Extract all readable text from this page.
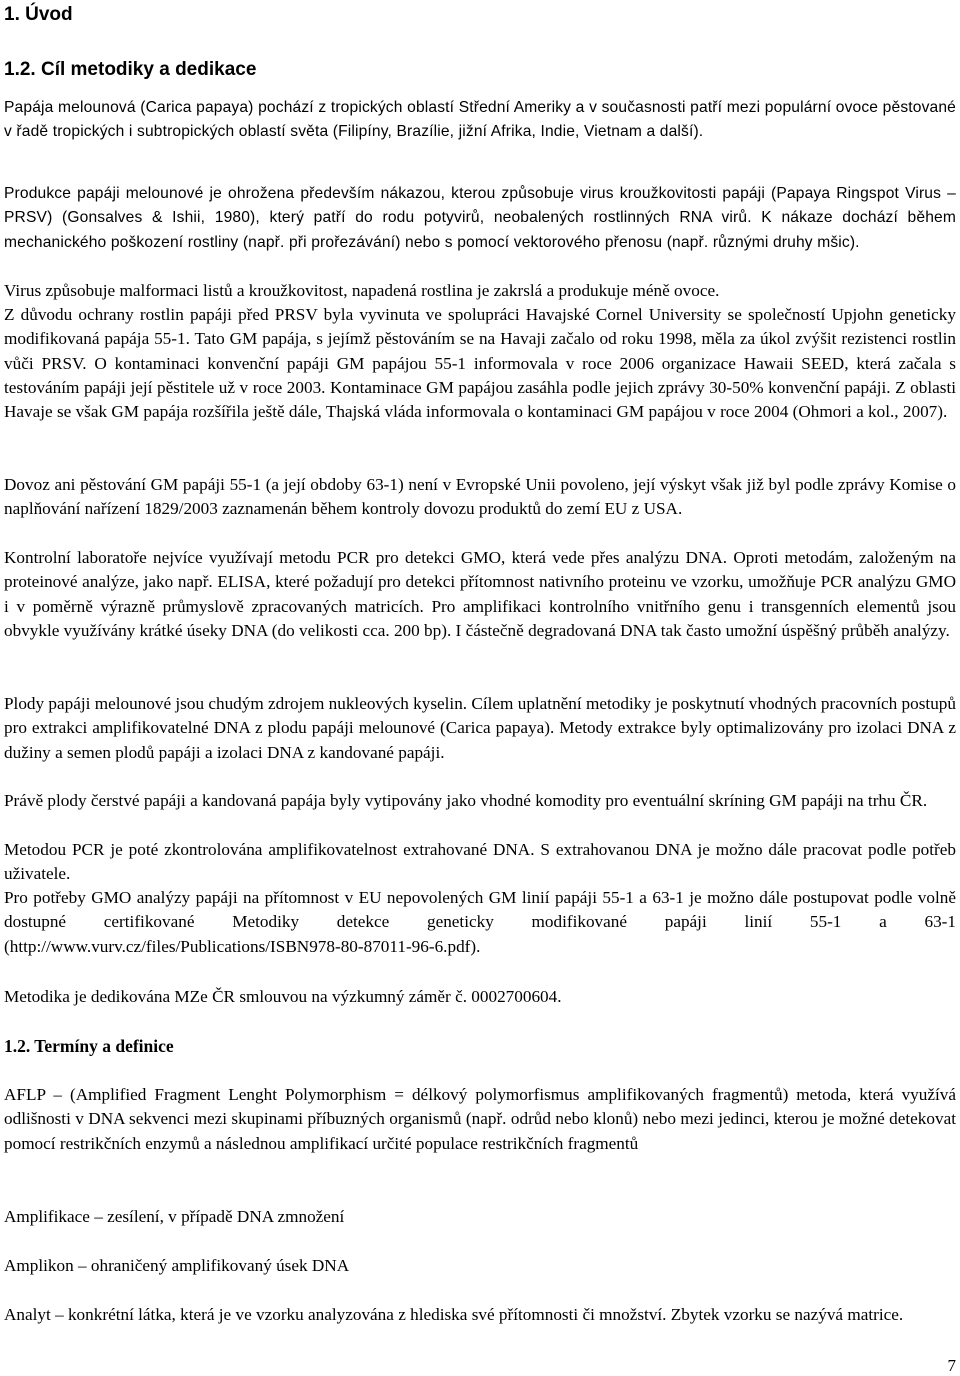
1. Úvod
1.2. Cíl metodiky a dedikace
Papája melounová (Carica papaya) pochází z tropických oblastí Střední Ameriky a v současnosti patří mezi populární ovoce pěstované v řadě tropických i subtropických oblastí světa (Filipíny, Brazílie, jižní Afrika, Indie, Vietnam a další).
Produkce papáji melounové je ohrožena především nákazou, kterou způsobuje virus kroužkovitosti papáji (Papaya Ringspot Virus – PRSV) (Gonsalves & Ishii, 1980), který patří do rodu potyvirů, neobalených rostlinných RNA virů. K nákaze dochází během mechanického poškození rostliny (např. při prořezávání) nebo s pomocí vektorového přenosu (např. různými druhy mšic).
Virus způsobuje malformaci listů a kroužkovitost, napadená rostlina je zakrslá a produkuje méně ovoce.
Z důvodu ochrany rostlin papáji před PRSV byla vyvinuta ve spolupráci Havajské Cornel University se společností Upjohn geneticky modifikovaná papája 55-1. Tato GM papája, s jejímž pěstováním se na Havaji začalo od roku 1998, měla za úkol zvýšit rezistenci rostlin vůči PRSV. O kontaminaci konvenční papáji GM papájou 55-1 informovala v roce 2006 organizace Hawaii SEED, která začala s testováním papáji její pěstitele už v roce 2003. Kontaminace GM papájou zasáhla podle jejich zprávy 30-50% konvenční papáji. Z oblasti Havaje se však GM papája rozšířila ještě dále, Thajská vláda informovala o kontaminaci GM papájou v roce 2004 (Ohmori a kol., 2007).
Dovoz ani pěstování GM papáji 55-1 (a její obdoby 63-1) není v Evropské Unii povoleno, její výskyt však již byl podle zprávy Komise o naplňování nařízení 1829/2003 zaznamenán během kontroly dovozu produktů do zemí EU z USA.
Kontrolní laboratoře nejvíce využívají metodu PCR pro detekci GMO, která vede přes analýzu DNA. Oproti metodám, založeným na proteinové analýze, jako např. ELISA, které požadují pro detekci přítomnost nativního proteinu ve vzorku, umožňuje PCR analýzu GMO i v poměrně výrazně průmyslově zpracovaných matricích. Pro amplifikaci kontrolního vnitřního genu i transgenních elementů jsou obvykle využívány krátké úseky DNA (do velikosti cca. 200 bp). I částečně degradovaná DNA tak často umožní úspěšný průběh analýzy.
Plody papáji melounové jsou chudým zdrojem nukleových kyselin. Cílem uplatnění metodiky je poskytnutí vhodných pracovních postupů pro extrakci amplifikovatelné DNA z plodu papáji melounové (Carica papaya). Metody extrakce byly optimalizovány pro izolaci DNA z dužiny a semen plodů papáji a izolaci DNA z kandované papáji.
Právě plody čerstvé papáji a kandovaná papája byly vytipovány jako vhodné komodity pro eventuální skríning GM papáji na trhu ČR.
Metodou PCR je poté zkontrolována amplifikovatelnost extrahované DNA. S extrahovanou DNA je možno dále pracovat podle potřeb uživatele.
Pro potřeby GMO analýzy papáji na přítomnost v EU nepovolených GM linií papáji 55-1 a 63-1 je možno dále postupovat podle volně dostupné certifikované Metodiky detekce geneticky modifikované papáji linií 55-1 a 63-1 (http://www.vurv.cz/files/Publications/ISBN978-80-87011-96-6.pdf).
Metodika je dedikována MZe ČR smlouvou na výzkumný záměr č. 0002700604.
1.2. Termíny a definice
AFLP – (Amplified Fragment Lenght Polymorphism = délkový polymorfismus amplifikovaných fragmentů) metoda, která využívá odlišnosti v DNA sekvenci mezi skupinami příbuzných organismů (např. odrůd nebo klonů) nebo mezi jedinci, kterou je možné detekovat pomocí restrikčních enzymů a následnou amplifikací určité populace restrikčních fragmentů
Amplifikace – zesílení, v případě DNA zmnožení
Amplikon – ohraničený amplifikovaný úsek DNA
Analyt – konkrétní látka, která je ve vzorku analyzována z hlediska své přítomnosti či množství. Zbytek vzorku se nazývá matrice.
7
